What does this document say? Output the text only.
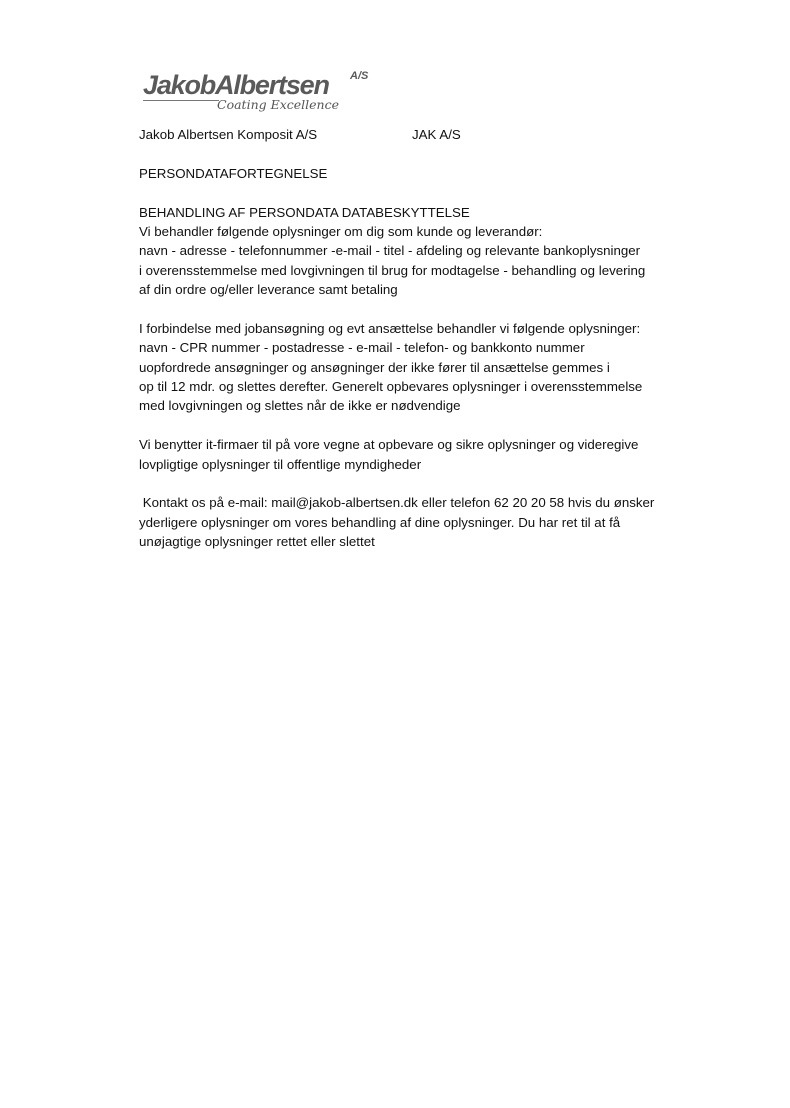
JakobAlbertsen A/S
Coating Excellence
Jakob Albertsen Komposit A/S	JAK A/S
PERSONDATAFORTEGNELSE
BEHANDLING AF PERSONDATA DATABESKYTTELSE
Vi behandler følgende oplysninger om dig som kunde og leverandør:
navn - adresse - telefonnummer -e-mail - titel - afdeling og relevante bankoplysninger
i overensstemmelse med lovgivningen til brug for modtagelse - behandling og levering
af din ordre og/eller leverance samt betaling
I forbindelse med jobansøgning og evt ansættelse behandler vi følgende oplysninger:
navn - CPR nummer - postadresse - e-mail - telefon- og bankkonto nummer
uopfordrede ansøgninger og ansøgninger der ikke fører til ansættelse gemmes i
op til 12 mdr. og slettes derefter. Generelt opbevares oplysninger i overensstemmelse
med lovgivningen og slettes når de ikke er nødvendige
Vi benytter it-firmaer til på vore vegne at opbevare og sikre oplysninger og videregive
lovpligtige oplysninger til offentlige myndigheder
Kontakt os på e-mail: mail@jakob-albertsen.dk eller telefon 62 20 20 58 hvis du ønsker
yderligere oplysninger om vores behandling af dine oplysninger. Du har ret til at få
unøjagtige oplysninger rettet eller slettet
